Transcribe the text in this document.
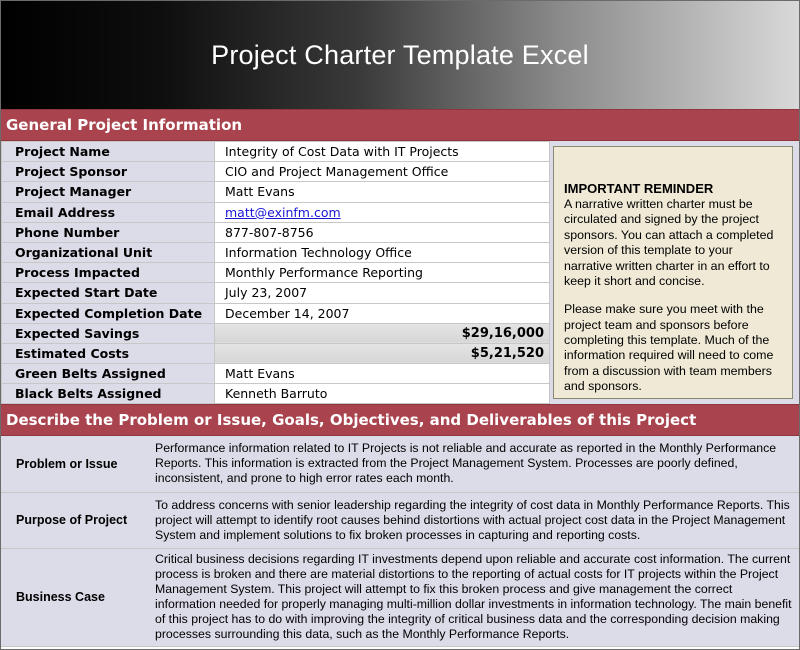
Project Charter Template Excel
General Project Information
Project Name	Integrity of Cost Data with IT Projects
Project Sponsor	CIO and Project Management Office
Project Manager	Matt Evans
Email Address	matt@exinfm.com
Phone Number	877-807-8756
Organizational Unit	Information Technology Office
Process Impacted	Monthly Performance Reporting
Expected Start Date	July 23, 2007
Expected Completion Date	December 14, 2007
Expected Savings	$29,16,000
Estimated Costs	$5,21,520
Green Belts Assigned	Matt Evans
Black Belts Assigned	Kenneth Barruto
IMPORTANT REMINDER

A narrative written charter must be circulated and signed by the project sponsors. You can attach a completed version of this template to your narrative written charter in an effort to keep it short and concise.

Please make sure you meet with the project team and sponsors before completing this template. Much of the information required will need to come from a discussion with team members and sponsors.

Describe the Problem or Issue, Goals, Objectives, and Deliverables of this Project
Problem or Issue	Performance information related to IT Projects is not reliable and accurate as reported in the Monthly Performance Reports. This information is extracted from the Project Management System. Processes are poorly defined, inconsistent, and prone to high error rates each month.
Purpose of Project	To address concerns with senior leadership regarding the integrity of cost data in Monthly Performance Reports. This project will attempt to identify root causes behind distortions with actual project cost data in the Project Management System and implement solutions to fix broken processes in capturing and reporting costs.
Business Case	Critical business decisions regarding IT investments depend upon reliable and accurate cost information. The current process is broken and there are material distortions to the reporting of actual costs for IT projects within the Project Management System. This project will attempt to fix this broken process and give management the correct information needed for properly managing multi-million dollar investments in information technology. The main benefit of this project has to do with improving the integrity of critical business data and the corresponding decision making processes surrounding this data, such as the Monthly Performance Reports.
